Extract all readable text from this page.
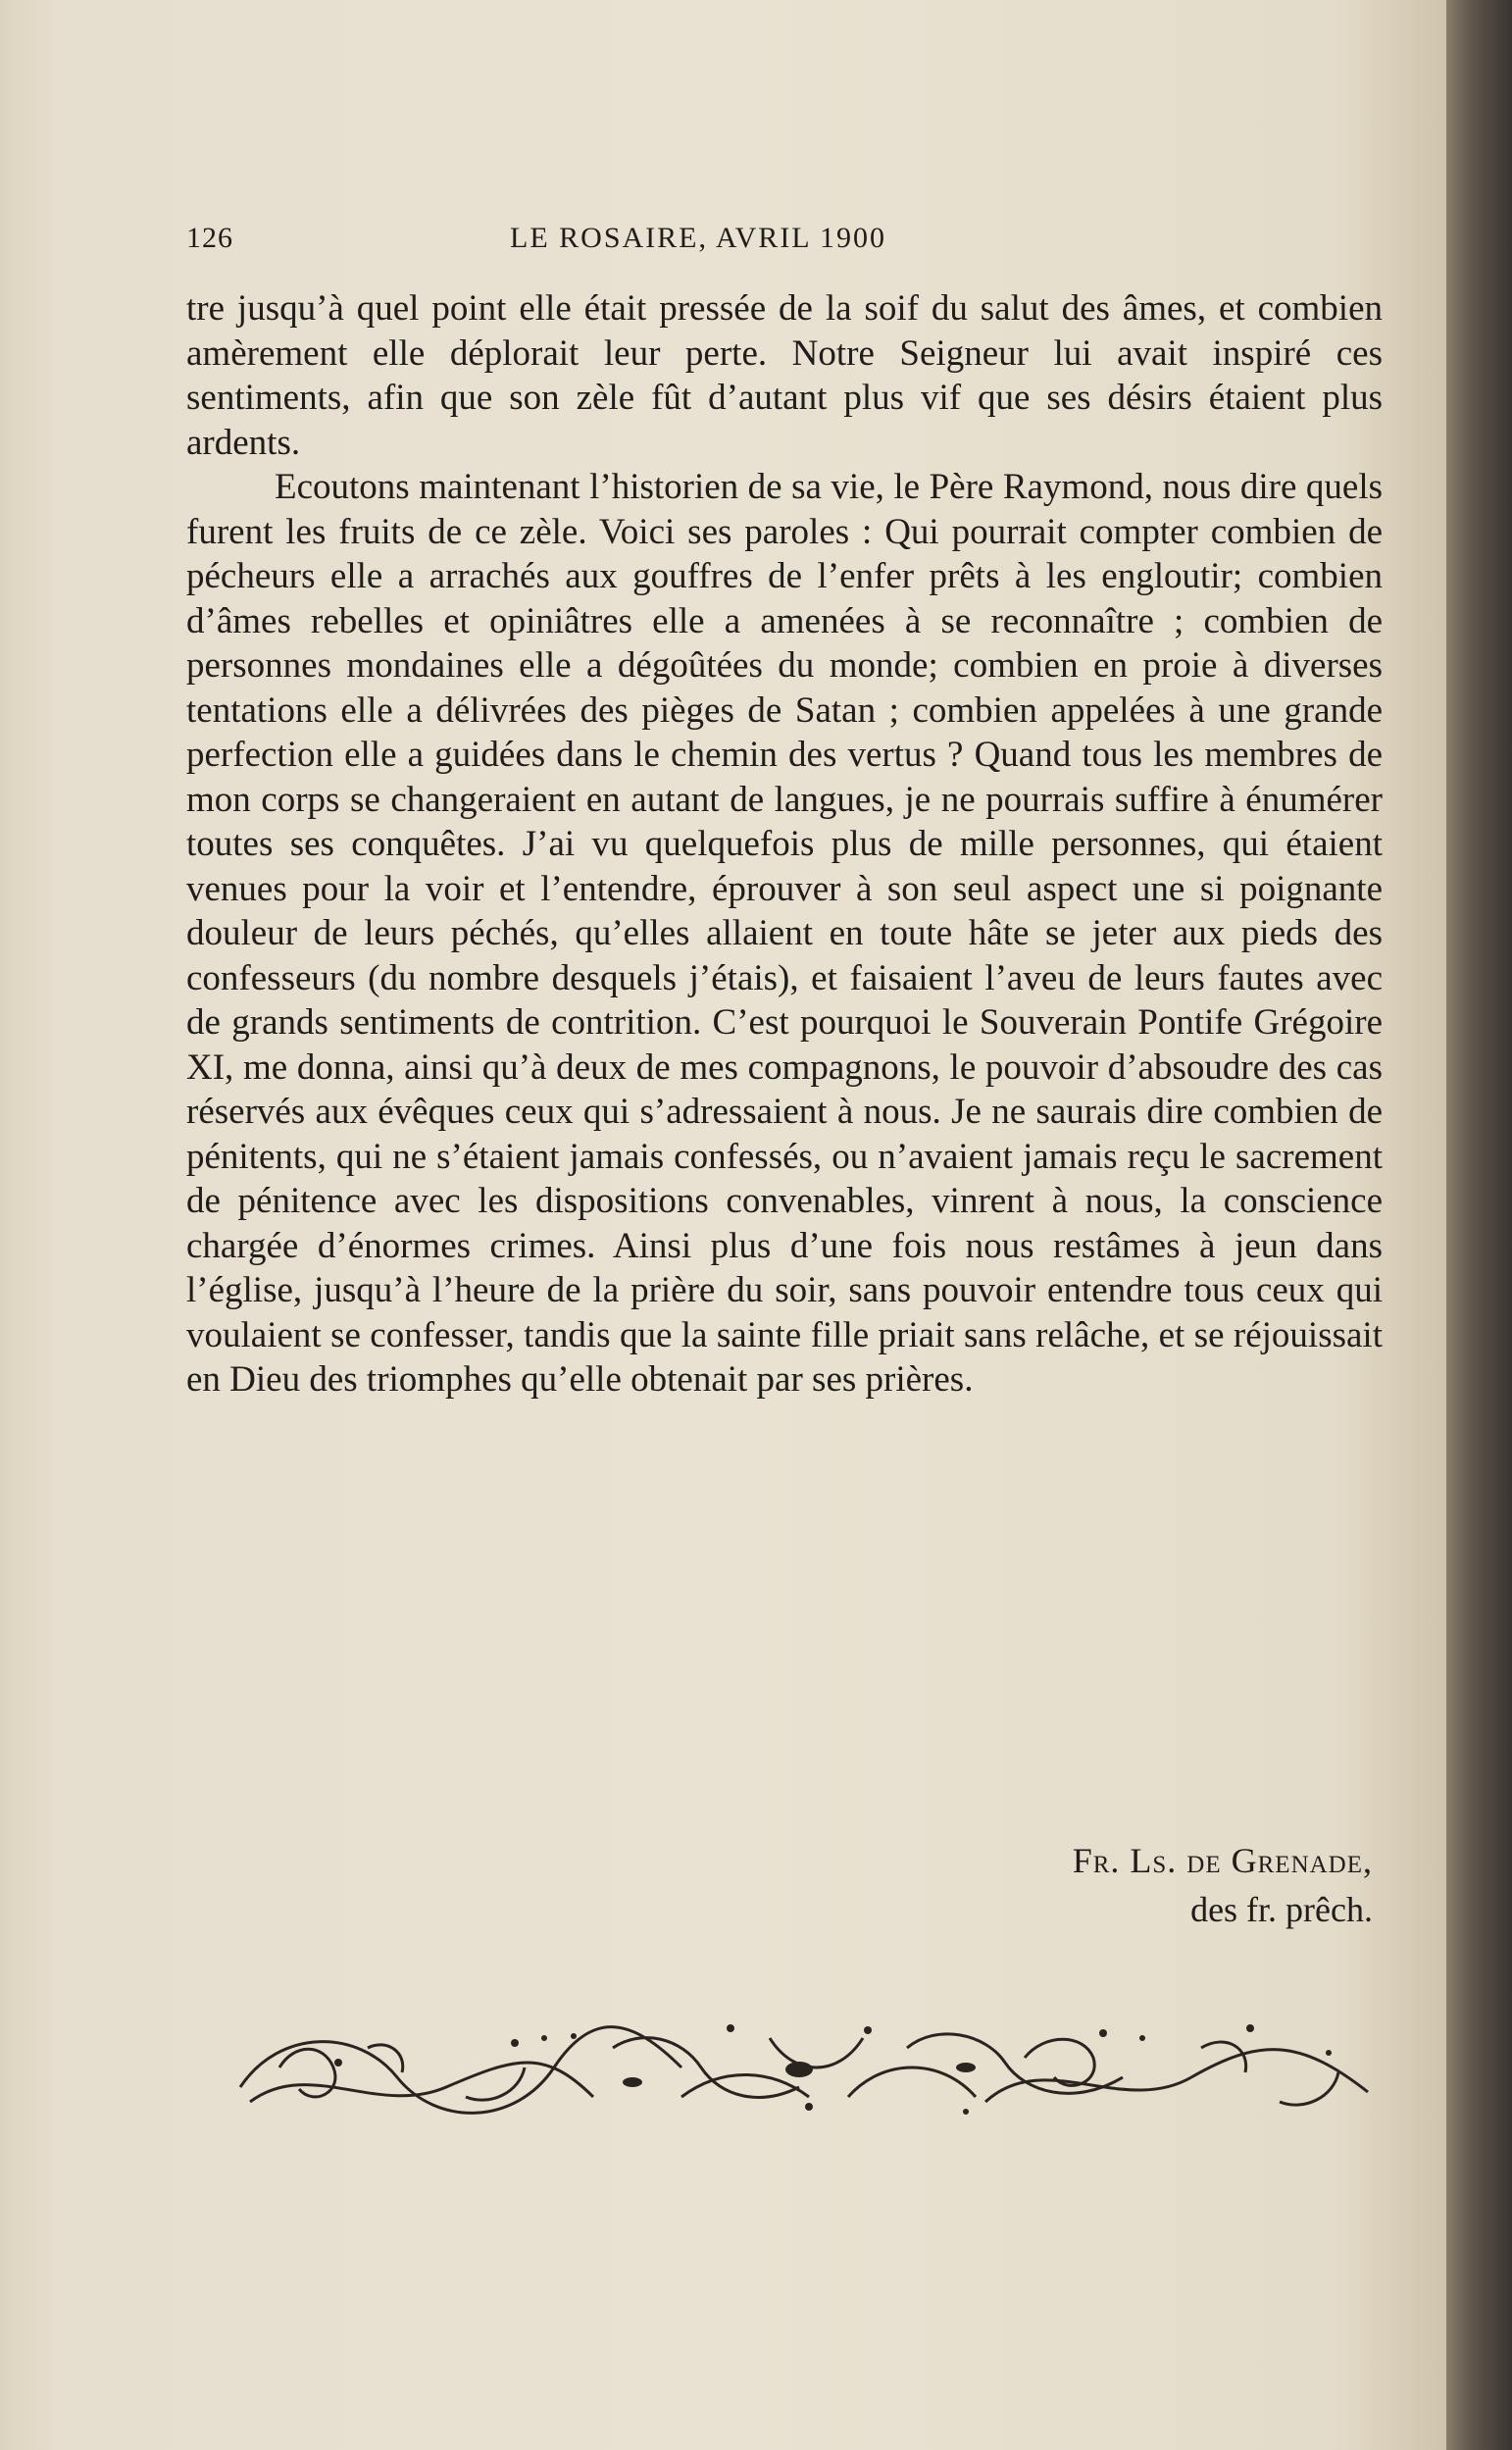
126	LE ROSAIRE, AVRIL 1900

tre jusqu’à quel point elle était pressée de la soif du salut des âmes, et combien amèrement elle déplorait leur perte. Notre Seigneur lui avait inspiré ces sentiments, afin que son zèle fût d’autant plus vif que ses désirs étaient plus ardents.

Ecoutons maintenant l’historien de sa vie, le Père Raymond, nous dire quels furent les fruits de ce zèle. Voici ses paroles : Qui pourrait compter combien de pécheurs elle a arrachés aux gouffres de l’enfer prêts à les engloutir; combien d’âmes rebelles et opiniâtres elle a amenées à se reconnaître ; combien de personnes mondaines elle a dégoûtées du monde; combien en proie à diverses tentations elle a délivrées des pièges de Satan ; combien appelées à une grande perfection elle a guidées dans le chemin des vertus ? Quand tous les membres de mon corps se changeraient en autant de langues, je ne pourrais suffire à énumérer toutes ses conquêtes. J’ai vu quelquefois plus de mille personnes, qui étaient venues pour la voir et l’entendre, éprouver à son seul aspect une si poignante douleur de leurs péchés, qu’elles allaient en toute hâte se jeter aux pieds des confesseurs (du nombre desquels j’étais), et faisaient l’aveu de leurs fautes avec de grands sentiments de contrition. C’est pourquoi le Souverain Pontife Grégoire XI, me donna, ainsi qu’à deux de mes compagnons, le pouvoir d’absoudre des cas réservés aux évêques ceux qui s’adressaient à nous. Je ne saurais dire combien de pénitents, qui ne s’étaient jamais confessés, ou n’avaient jamais reçu le sacrement de pénitence avec les dispositions convenables, vinrent à nous, la conscience chargée d’énormes crimes. Ainsi plus d’une fois nous restâmes à jeun dans l’église, jusqu’à l’heure de la prière du soir, sans pouvoir entendre tous ceux qui voulaient se confesser, tandis que la sainte fille priait sans relâche, et se réjouissait en Dieu des triomphes qu’elle obtenait par ses prières.

Fr. Ls. de Grenade,
des fr. prêch.
